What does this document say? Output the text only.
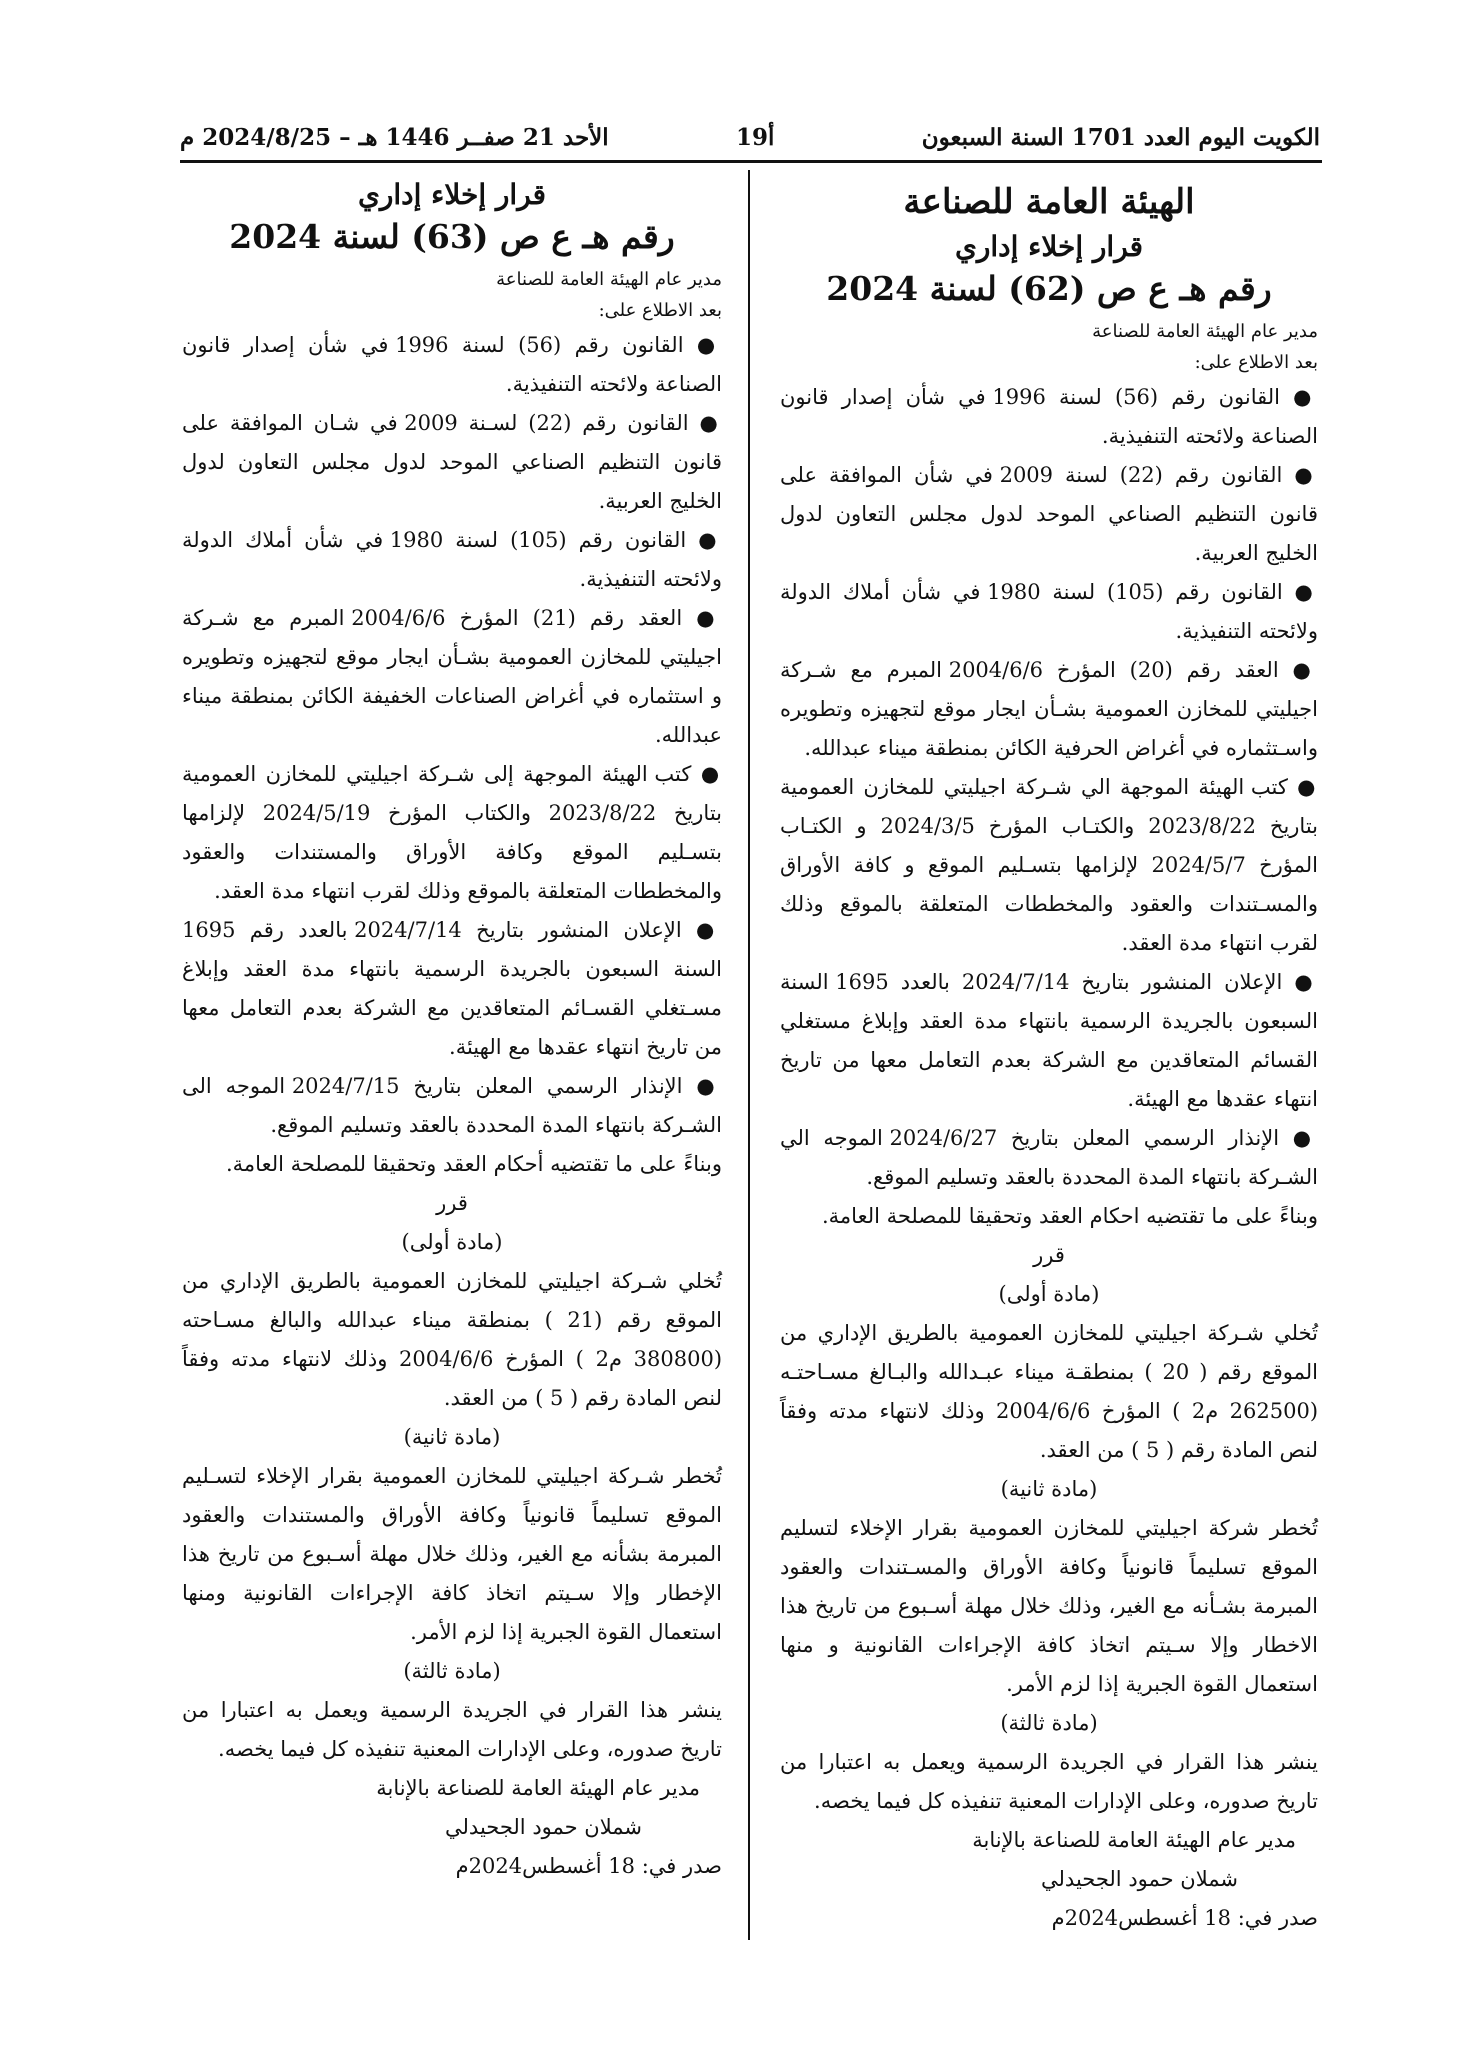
الكويت اليوم العدد 1701 السنة السبعون
أ19
الأحد 21 صفــر 1446 هـ – 2024/8/25 م
الهيئة العامة للصناعة
قرار إخلاء إداري
رقم هـ ع ص (62) لسنة 2024

مدير عام الهيئة العامة للصناعة

بعد الاطلاع على:

● القانون رقم (56) لسنة 1996 في شأن إصدار قانون الصناعة ولائحته التنفيذية.

● القانون رقم (22) لسنة 2009 في شأن الموافقة على قانون التنظيم الصناعي الموحد لدول مجلس التعاون لدول الخليج العربية.

● القانون رقم (105) لسنة 1980 في شأن أملاك الدولة ولائحته التنفيذية.

● العقد رقم (20) المؤرخ 2004/6/6 المبرم مع شـركة اجيليتي للمخازن العمومية بشـأن ايجار موقع لتجهيزه وتطويره واسـتثماره في أغراض الحرفية الكائن بمنطقة ميناء عبدالله.

● كتب الهيئة الموجهة الي شـركة اجيليتي للمخازن العمومية بتاريخ 2023/8/22 والكتـاب المؤرخ 2024/3/5 و الكتـاب المؤرخ 2024/5/7 لإلزامها بتسـليم الموقع و كافة الأوراق والمسـتندات والعقود والمخططات المتعلقة بالموقع وذلك لقرب انتهاء مدة العقد.

● الإعلان المنشور بتاريخ 2024/7/14 بالعدد 1695 السنة السبعون بالجريدة الرسمية بانتهاء مدة العقد وإبلاغ مستغلي القسائم المتعاقدين مع الشركة بعدم التعامل معها من تاريخ انتهاء عقدها مع الهيئة.

● الإنذار الرسمي المعلن بتاريخ 2024/6/27 الموجه الي الشـركة بانتهاء المدة المحددة بالعقد وتسليم الموقع.

وبناءً على ما تقتضيه احكام العقد وتحقيقا للمصلحة العامة.

قرر

(مادة أولى)

تُخلي شـركة اجيليتي للمخازن العمومية بالطريق الإداري من الموقع رقم ( 20 ) بمنطقـة ميناء عبـدالله والبـالغ مسـاحتـه (262500 م2 ) المؤرخ 2004/6/6 وذلك لانتهاء مدته وفقاً لنص المادة رقم ( 5 ) من العقد.

(مادة ثانية)

تُخطر شركة اجيليتي للمخازن العمومية بقرار الإخلاء لتسليم الموقع تسليماً قانونياً وكافة الأوراق والمسـتندات والعقود المبرمة بشـأنه مع الغير، وذلك خلال مهلة أسـبوع من تاريخ هذا الاخطار وإلا سـيتم اتخاذ كافة الإجراءات القانونية و منها استعمال القوة الجبرية إذا لزم الأمر.

(مادة ثالثة)

ينشر هذا القرار في الجريدة الرسمية ويعمل به اعتبارا من تاريخ صدوره، وعلى الإدارات المعنية تنفيذه كل فيما يخصه.

مدير عام الهيئة العامة للصناعة بالإنابة

شملان حمود الجحيدلي

صدر في: 18 أغسطس2024م

قرار إخلاء إداري
رقم هـ ع ص (63) لسنة 2024

مدير عام الهيئة العامة للصناعة

بعد الاطلاع على:

● القانون رقم (56) لسنة 1996 في شأن إصدار قانون الصناعة ولائحته التنفيذية.

● القانون رقم (22) لسـنة 2009 في شـان الموافقة على قانون التنظيم الصناعي الموحد لدول مجلس التعاون لدول الخليج العربية.

● القانون رقم (105) لسنة 1980 في شأن أملاك الدولة ولائحته التنفيذية.

● العقد رقم (21) المؤرخ 2004/6/6 المبرم مع شـركة اجيليتي للمخازن العمومية بشـأن ايجار موقع لتجهيزه وتطويره و استثماره في أغراض الصناعات الخفيفة الكائن بمنطقة ميناء عبدالله.

● كتب الهيئة الموجهة إلى شـركة اجيليتي للمخازن العمومية بتاريخ 2023/8/22 والكتاب المؤرخ 2024/5/19 لإلزامها بتسـليم الموقع وكافة الأوراق والمستندات والعقود والمخططات المتعلقة بالموقع وذلك لقرب انتهاء مدة العقد.

● الإعلان المنشور بتاريخ 2024/7/14 بالعدد رقم 1695 السنة السبعون بالجريدة الرسمية بانتهاء مدة العقد وإبلاغ مسـتغلي القسـائم المتعاقدين مع الشركة بعدم التعامل معها من تاريخ انتهاء عقدها مع الهيئة.

● الإنذار الرسمي المعلن بتاريخ 2024/7/15 الموجه الى الشـركة بانتهاء المدة المحددة بالعقد وتسليم الموقع.

وبناءً على ما تقتضيه أحكام العقد وتحقيقا للمصلحة العامة.

قرر

(مادة أولى)

تُخلي شـركة اجيليتي للمخازن العمومية بالطريق الإداري من الموقع رقم (21 ) بمنطقة ميناء عبدالله والبالغ مسـاحته (380800 م2 ) المؤرخ 2004/6/6 وذلك لانتهاء مدته وفقاً لنص المادة رقم ( 5 ) من العقد.

(مادة ثانية)

تُخطر شـركة اجيليتي للمخازن العمومية بقرار الإخلاء لتسـليم الموقع تسليماً قانونياً وكافة الأوراق والمستندات والعقود المبرمة بشأنه مع الغير، وذلك خلال مهلة أسـبوع من تاريخ هذا الإخطار وإلا سـيتم اتخاذ كافة الإجراءات القانونية ومنها استعمال القوة الجبرية إذا لزم الأمر.

(مادة ثالثة)

ينشر هذا القرار في الجريدة الرسمية ويعمل به اعتبارا من تاريخ صدوره، وعلى الإدارات المعنية تنفيذه كل فيما يخصه.

مدير عام الهيئة العامة للصناعة بالإنابة

شملان حمود الجحيدلي

صدر في: 18 أغسطس2024م
